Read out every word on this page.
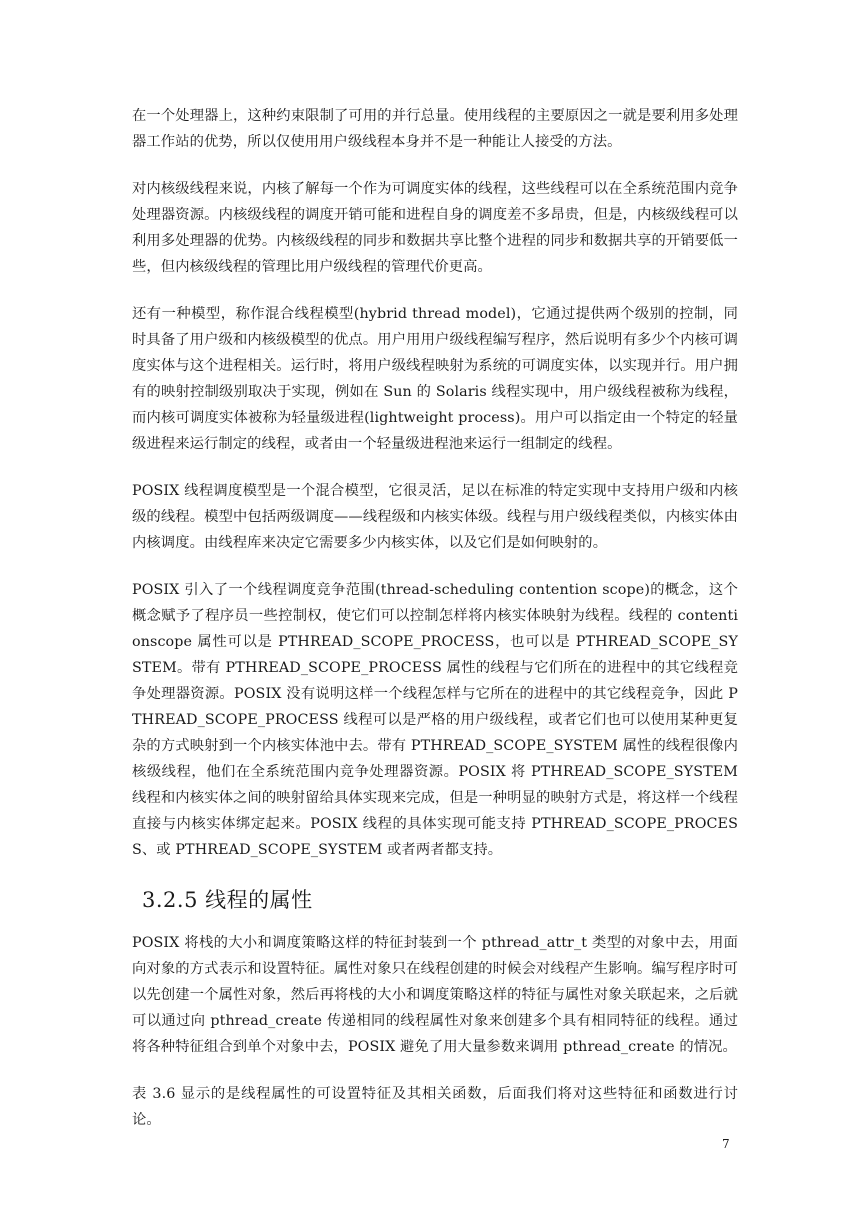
在一个处理器上，这种约束限制了可用的并行总量。使用线程的主要原因之一就是要利用多处理器工作站的优势，所以仅使用用户级线程本身并不是一种能让人接受的方法。

对内核级线程来说，内核了解每一个作为可调度实体的线程，这些线程可以在全系统范围内竞争处理器资源。内核级线程的调度开销可能和进程自身的调度差不多昂贵，但是，内核级线程可以利用多处理器的优势。内核级线程的同步和数据共享比整个进程的同步和数据共享的开销要低一些，但内核级线程的管理比用户级线程的管理代价更高。

还有一种模型，称作混合线程模型(hybrid thread model)，它通过提供两个级别的控制，同时具备了用户级和内核级模型的优点。用户用用户级线程编写程序，然后说明有多少个内核可调度实体与这个进程相关。运行时，将用户级线程映射为系统的可调度实体，以实现并行。用户拥有的映射控制级别取决于实现，例如在 Sun 的 Solaris 线程实现中，用户级线程被称为线程，而内核可调度实体被称为轻量级进程(lightweight process)。用户可以指定由一个特定的轻量级进程来运行制定的线程，或者由一个轻量级进程池来运行一组制定的线程。

POSIX 线程调度模型是一个混合模型，它很灵活，足以在标准的特定实现中支持用户级和内核级的线程。模型中包括两级调度——线程级和内核实体级。线程与用户级线程类似，内核实体由内核调度。由线程库来决定它需要多少内核实体，以及它们是如何映射的。

POSIX 引入了一个线程调度竞争范围(thread-scheduling contention scope)的概念，这个概念赋予了程序员一些控制权，使它们可以控制怎样将内核实体映射为线程。线程的 contentionscope 属性可以是 PTHREAD_SCOPE_PROCESS，也可以是 PTHREAD_SCOPE_SYSTEM。带有 PTHREAD_SCOPE_PROCESS 属性的线程与它们所在的进程中的其它线程竞争处理器资源。POSIX 没有说明这样一个线程怎样与它所在的进程中的其它线程竞争，因此 PTHREAD_SCOPE_PROCESS 线程可以是严格的用户级线程，或者它们也可以使用某种更复杂的方式映射到一个内核实体池中去。带有 PTHREAD_SCOPE_SYSTEM 属性的线程很像内核级线程，他们在全系统范围内竞争处理器资源。POSIX 将 PTHREAD_SCOPE_SYSTEM 线程和内核实体之间的映射留给具体实现来完成，但是一种明显的映射方式是，将这样一个线程直接与内核实体绑定起来。POSIX 线程的具体实现可能支持 PTHREAD_SCOPE_PROCESS、或 PTHREAD_SCOPE_SYSTEM 或者两者都支持。

3.2.5 线程的属性

POSIX 将栈的大小和调度策略这样的特征封装到一个 pthread_attr_t 类型的对象中去，用面向对象的方式表示和设置特征。属性对象只在线程创建的时候会对线程产生影响。编写程序时可以先创建一个属性对象，然后再将栈的大小和调度策略这样的特征与属性对象关联起来，之后就可以通过向 pthread_create 传递相同的线程属性对象来创建多个具有相同特征的线程。通过将各种特征组合到单个对象中去，POSIX 避免了用大量参数来调用 pthread_create 的情况。

表 3.6 显示的是线程属性的可设置特征及其相关函数，后面我们将对这些特征和函数进行讨论。

7
